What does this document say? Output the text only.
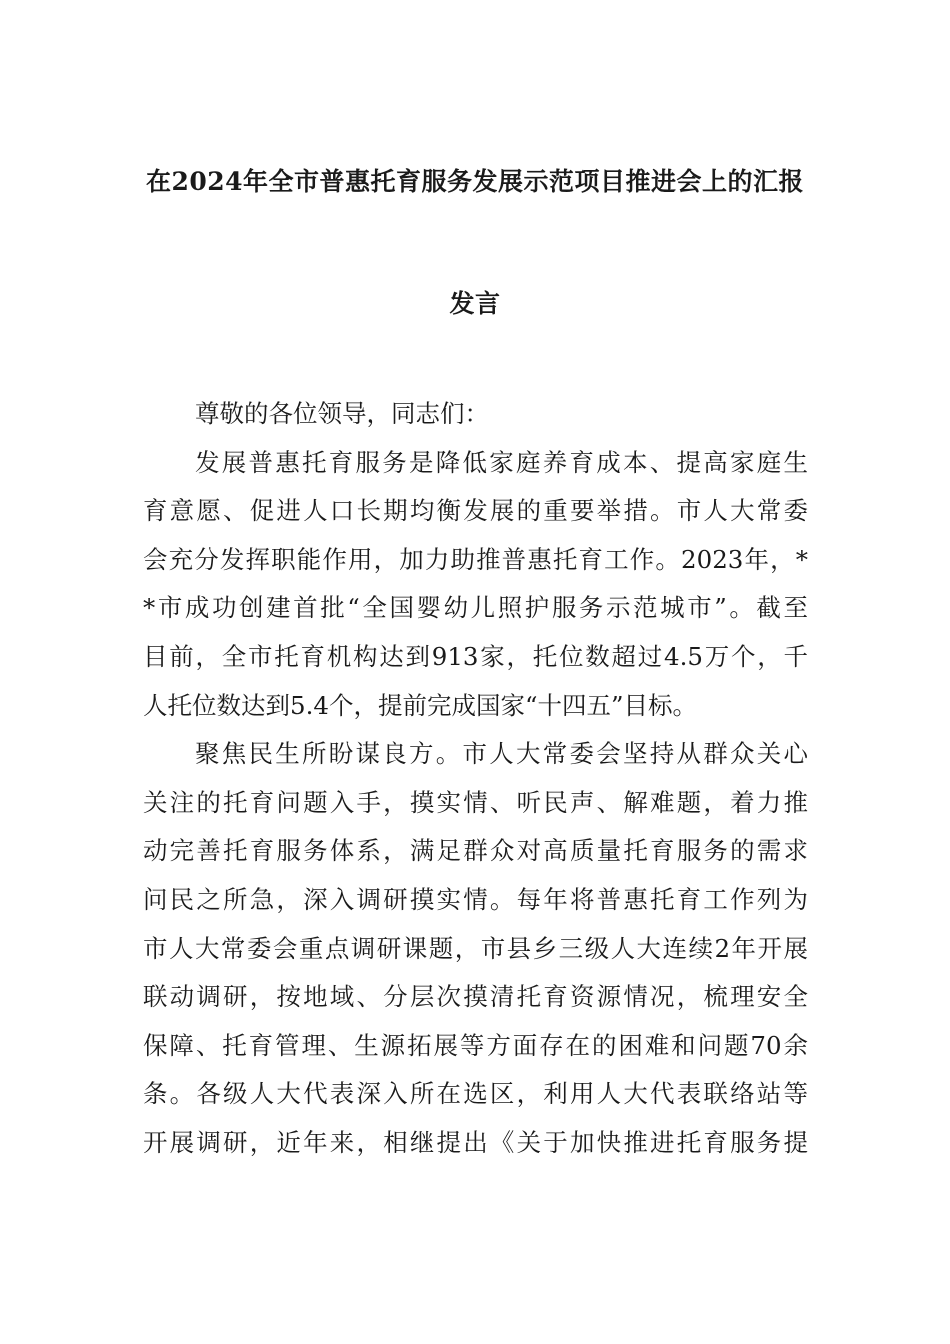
在2024年全市普惠托育服务发展示范项目推进会上的汇报
发言
尊敬的各位领导，同志们：
发展普惠托育服务是降低家庭养育成本、提高家庭生
育意愿、促进人口长期均衡发展的重要举措。市人大常委
会充分发挥职能作用，加力助推普惠托育工作。2023年，*
*市成功创建首批“全国婴幼儿照护服务示范城市”。截至
目前，全市托育机构达到913家，托位数超过4.5万个，千
人托位数达到5.4个，提前完成国家“十四五”目标。
聚焦民生所盼谋良方。市人大常委会坚持从群众关心
关注的托育问题入手，摸实情、听民声、解难题，着力推
动完善托育服务体系，满足群众对高质量托育服务的需求
问民之所急，深入调研摸实情。每年将普惠托育工作列为
市人大常委会重点调研课题，市县乡三级人大连续2年开展
联动调研，按地域、分层次摸清托育资源情况，梳理安全
保障、托育管理、生源拓展等方面存在的困难和问题70余
条。各级人大代表深入所在选区，利用人大代表联络站等
开展调研，近年来，相继提出《关于加快推进托育服务提
